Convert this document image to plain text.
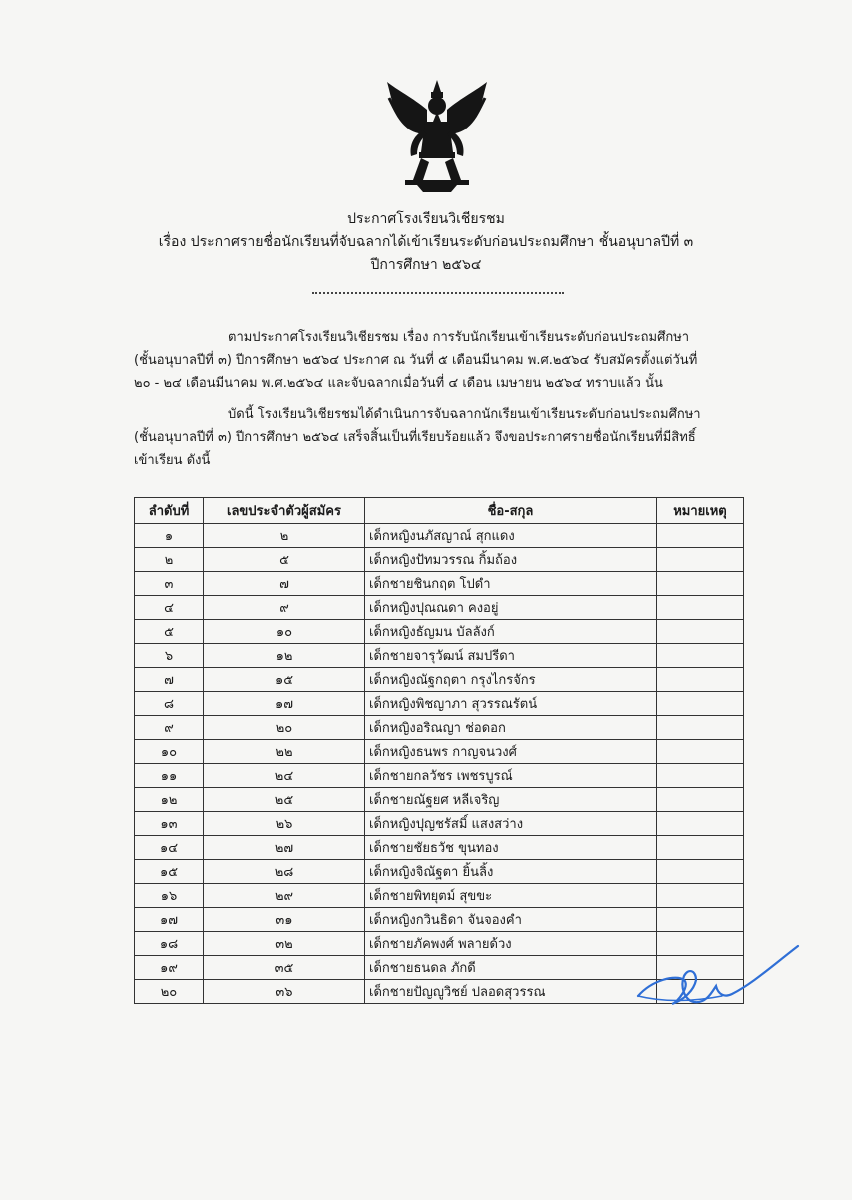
ประกาศโรงเรียนวิเชียรชม
เรื่อง ประกาศรายชื่อนักเรียนที่จับฉลากได้เข้าเรียนระดับก่อนประถมศึกษา ชั้นอนุบาลปีที่ ๓
ปีการศึกษา ๒๕๖๔
ตามประกาศโรงเรียนวิเชียรชม เรื่อง การรับนักเรียนเข้าเรียนระดับก่อนประถมศึกษา
(ชั้นอนุบาลปีที่ ๓) ปีการศึกษา ๒๕๖๔ ประกาศ ณ วันที่ ๕ เดือนมีนาคม พ.ศ.๒๕๖๔ รับสมัครตั้งแต่วันที่
๒๐ - ๒๔ เดือนมีนาคม พ.ศ.๒๕๖๔ และจับฉลากเมื่อวันที่ ๔ เดือน เมษายน ๒๕๖๔ ทราบแล้ว นั้น
บัดนี้ โรงเรียนวิเชียรชมได้ดำเนินการจับฉลากนักเรียนเข้าเรียนระดับก่อนประถมศึกษา
(ชั้นอนุบาลปีที่ ๓) ปีการศึกษา ๒๕๖๔ เสร็จสิ้นเป็นที่เรียบร้อยแล้ว จึงขอประกาศรายชื่อนักเรียนที่มีสิทธิ์
เข้าเรียน ดังนี้
ลำดับที่	เลขประจำตัวผู้สมัคร	ชื่อ-สกุล	หมายเหตุ
๑	๒	เด็กหญิงนภัสญาณ์ สุกแดง	
๒	๕	เด็กหญิงปัทมวรรณ กิ้มถ้อง	
๓	๗	เด็กชายชินกฤต โปดำ	
๔	๙	เด็กหญิงปุณณดา คงอยู่	
๕	๑๐	เด็กหญิงธัญมน บัลลังก์	
๖	๑๒	เด็กชายจารุวัฒน์ สมปรีดา	
๗	๑๕	เด็กหญิงณัฐกฤตา กรุงไกรจักร	
๘	๑๗	เด็กหญิงพิชญาภา สุวรรณรัตน์	
๙	๒๐	เด็กหญิงอริณญา ช่อดอก	
๑๐	๒๒	เด็กหญิงธนพร กาญจนวงศ์	
๑๑	๒๔	เด็กชายกลวัชร เพชรบูรณ์	
๑๒	๒๕	เด็กชายณัฐยศ หลีเจริญ	
๑๓	๒๖	เด็กหญิงปุญชรัสมิ์ แสงสว่าง	
๑๔	๒๗	เด็กชายชัยธวัช ขุนทอง	
๑๕	๒๘	เด็กหญิงจิณัฐตา ยิ้นลิ้ง	
๑๖	๒๙	เด็กชายพิทยุตม์ สุขขะ	
๑๗	๓๑	เด็กหญิงกวินธิดา จันจองคำ	
๑๘	๓๒	เด็กชายภัคพงศ์ พลายด้วง	
๑๙	๓๕	เด็กชายธนดล ภักดี	
๒๐	๓๖	เด็กชายปัญญูวิชย์ ปลอดสุวรรณ	
